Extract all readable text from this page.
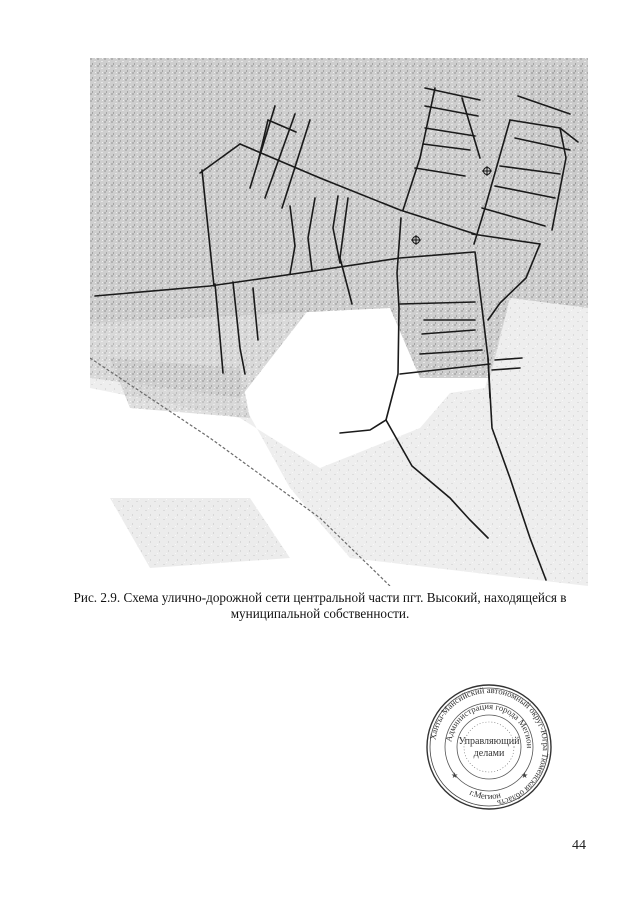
Рис. 2.9. Схема улично-дорожной сети центральной части пгт. Высокий, находящейся в
муниципальной собственности.
Ханты-Мансийский автономный округ-Югра Тюменская область
Администрация города Мегион
г.Мегион
Управляющий
делами
★	★
44
